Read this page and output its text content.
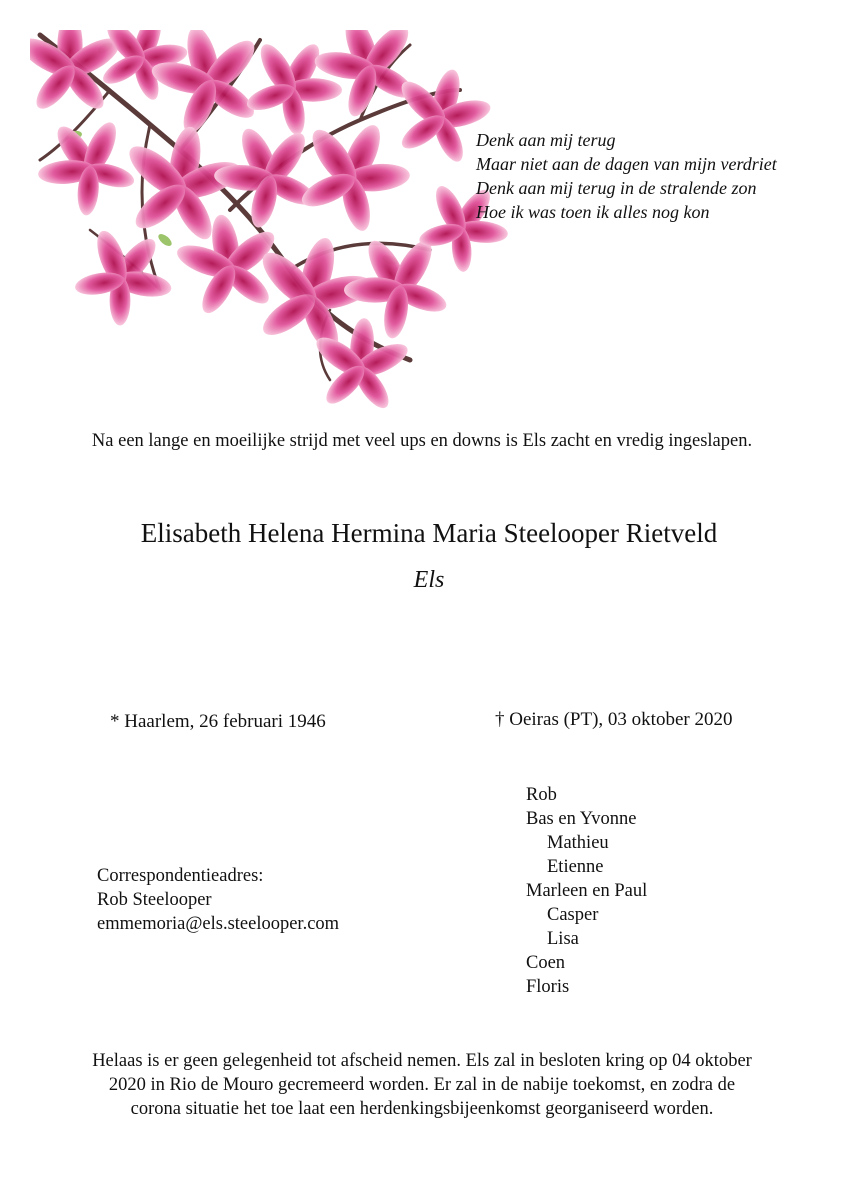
Denk aan mij terug
Maar niet aan de dagen van mijn verdriet
Denk aan mij terug in de stralende zon
Hoe ik was toen ik alles nog kon
Na een lange en moeilijke strijd met veel ups en downs is Els zacht en vredig ingeslapen.
Elisabeth Helena Hermina Maria Steelooper Rietveld
Els
* Haarlem, 26 februari 1946	† Oeiras (PT), 03 oktober 2020
Correspondentieadres:
Rob Steelooper
emmemoria@els.steelooper.com
Rob
Bas en Yvonne
Mathieu
Etienne
Marleen en Paul
Casper
Lisa
Coen
Floris
Helaas is er geen gelegenheid tot afscheid nemen. Els zal in besloten kring op 04 oktober
2020 in Rio de Mouro gecremeerd worden. Er zal in de nabije toekomst, en zodra de
corona situatie het toe laat een herdenkingsbijeenkomst georganiseerd worden.
